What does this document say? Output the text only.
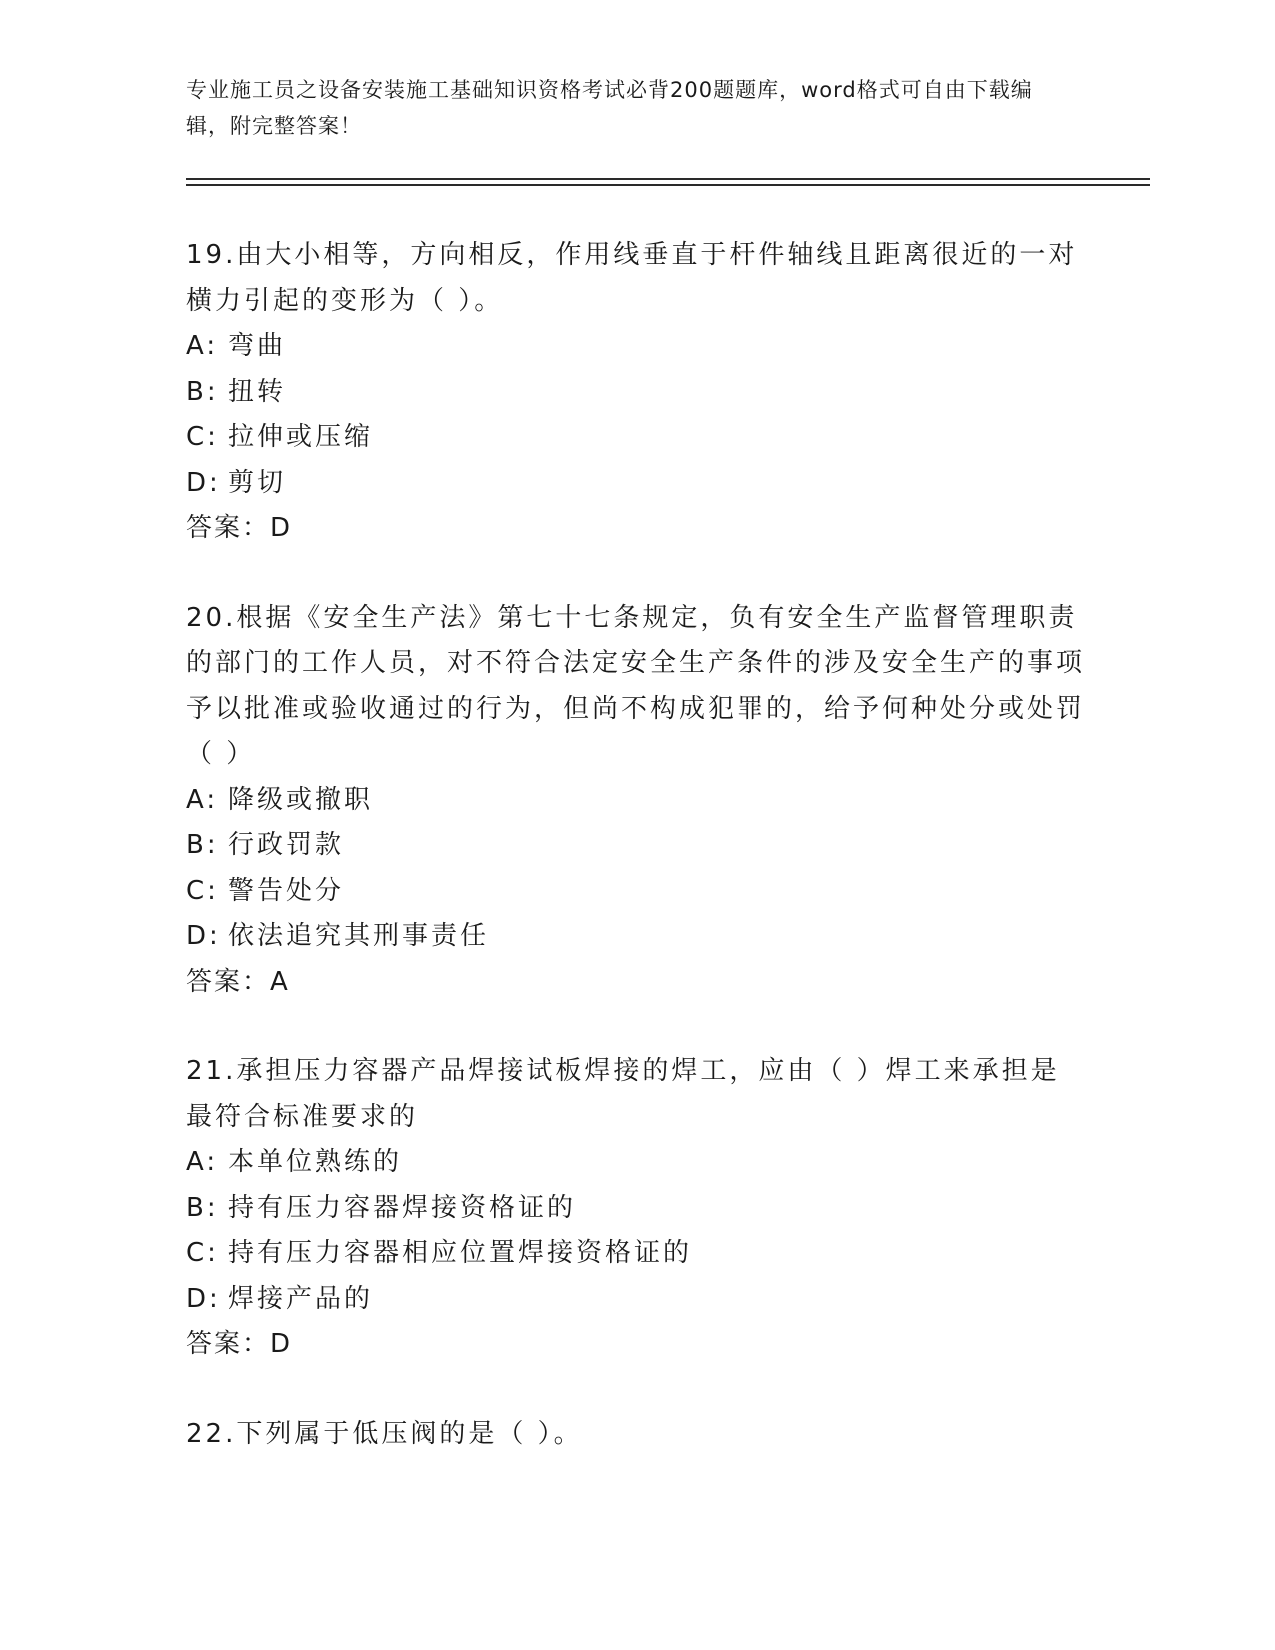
专业施工员之设备安装施工基础知识资格考试必背200题题库，word格式可自由下载编辑，附完整答案！

19.由大小相等，方向相反，作用线垂直于杆件轴线且距离很近的一对横力引起的变形为（ ）。

A: 弯曲

B: 扭转

C: 拉伸或压缩

D: 剪切

答案：D

20.根据《安全生产法》第七十七条规定，负有安全生产监督管理职责的部门的工作人员，对不符合法定安全生产条件的涉及安全生产的事项予以批准或验收通过的行为，但尚不构成犯罪的，给予何种处分或处罚（ ）

A: 降级或撤职

B: 行政罚款

C: 警告处分

D: 依法追究其刑事责任

答案：A

21.承担压力容器产品焊接试板焊接的焊工，应由（ ）焊工来承担是最符合标准要求的

A: 本单位熟练的

B: 持有压力容器焊接资格证的

C: 持有压力容器相应位置焊接资格证的

D: 焊接产品的

答案：D

22.下列属于低压阀的是（ ）。
